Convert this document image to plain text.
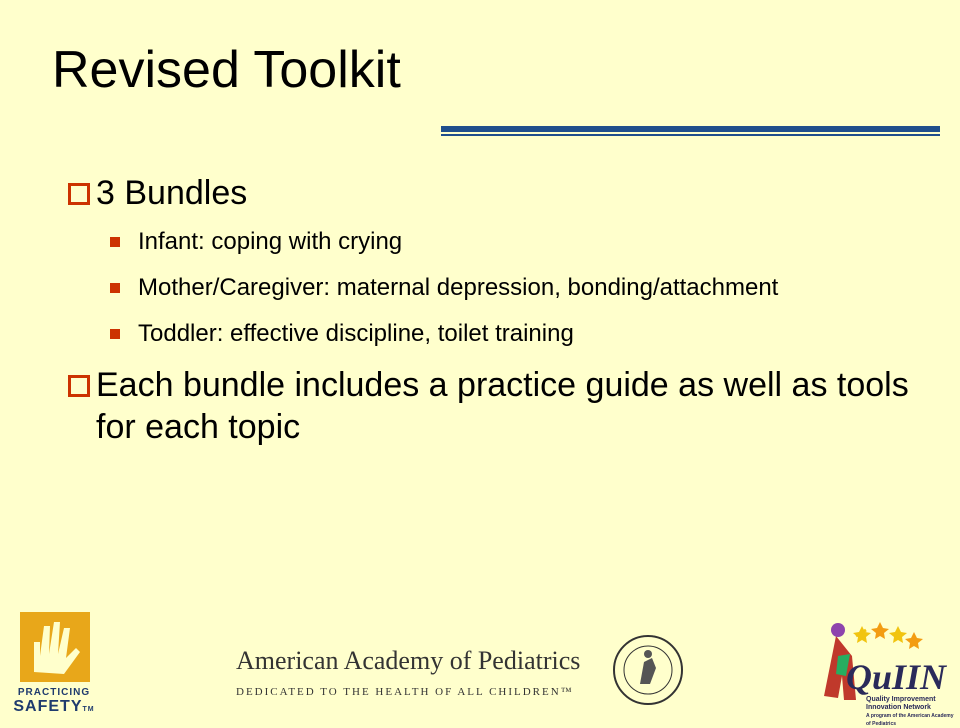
Revised Toolkit
3 Bundles
Infant: coping with crying
Mother/Caregiver: maternal depression, bonding/attachment
Toddler: effective discipline, toilet training
Each bundle includes a practice guide as well as tools for each topic
PRACTICING
SAFETYTM
American Academy of Pediatrics
DEDICATED TO THE HEALTH OF ALL CHILDREN™	QuIIN
Quality Improvement
Innovation Network
A program of the American Academy of Pediatrics
